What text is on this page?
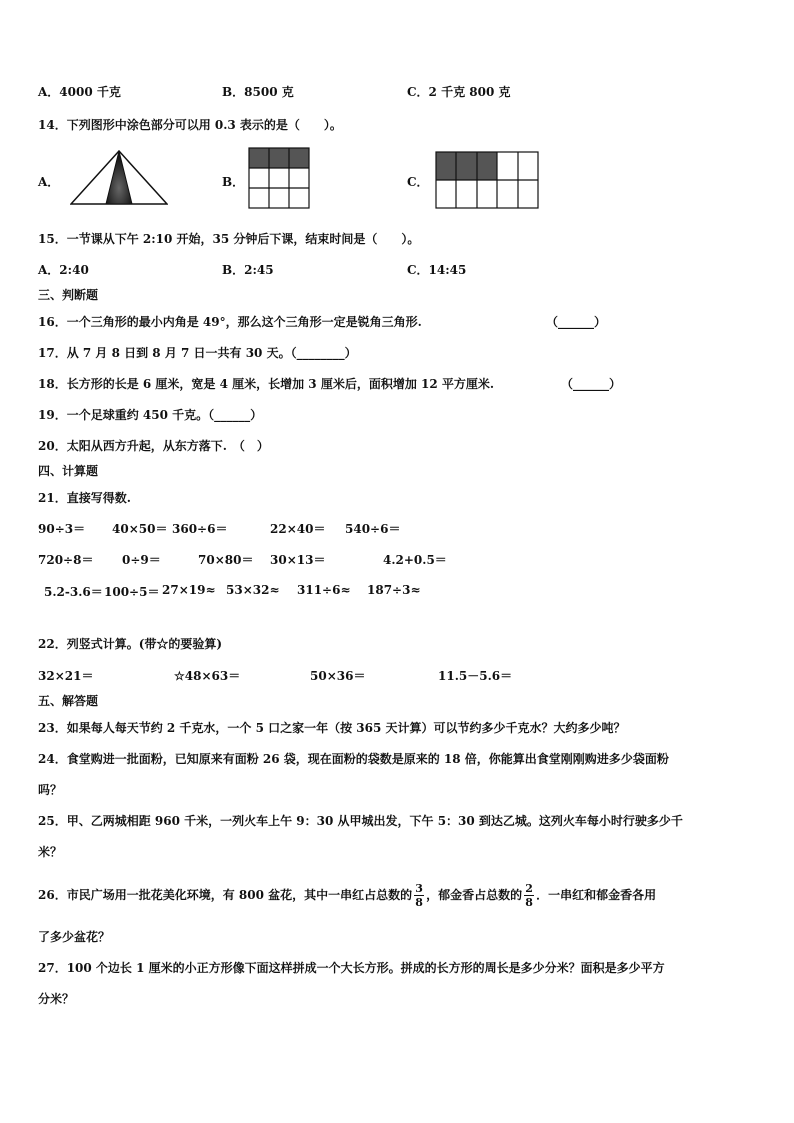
A．4000 千克	B．8500 克	C．2 千克 800 克
14．下列图形中涂色部分可以用 0.3 表示的是（　　）。
A．	B．	C．
15．一节课从下午 2:10 开始，35 分钟后下课，结束时间是（　　）。
A．2:40	B．2:45	C．14:45
三、判断题
16．一个三角形的最小内角是 49°，那么这个三角形一定是锐角三角形.	（______）
17．从 7 月 8 日到 8 月 7 日一共有 30 天。（________）
18．长方形的长是 6 厘米，宽是 4 厘米，长增加 3 厘米后，面积增加 12 平方厘米.	（______）
19．一个足球重约 450 千克。（______）
20．太阳从西方升起，从东方落下.　（　）
四、计算题
21．直接写得数.
90÷3＝ 40×50＝ 360÷6＝	22×40＝ 540÷6＝
720÷8＝ 0÷9＝	70×80＝ 30×13＝	4.2+0.5＝
5.2-3.6＝ 100÷5＝ 27×19≈ 53×32≈ 311÷6≈ 187÷3≈
22．列竖式计算。(带☆的要验算)
32×21＝	☆48×63＝	50×36＝	11.5－5.6＝
五、解答题
23．如果每人每天节约 2 千克水，一个 5 口之家一年（按 365 天计算）可以节约多少千克水？大约多少吨？
24．食堂购进一批面粉，已知原来有面粉 26 袋，现在面粉的袋数是原来的 18 倍，你能算出食堂刚刚购进多少袋面粉
吗？
25．甲、乙两城相距 960 千米，一列火车上午 9：30 从甲城出发，下午 5：30 到达乙城。这列火车每小时行驶多少千
米？
26．市民广场用一批花美化环境，有 800 盆花，其中一串红占总数的 $\frac{3}{8}$ ，郁金香占总数的 $\frac{2}{8}$ ．一串红和郁金香各用
了多少盆花？
27．100 个边长 1 厘米的小正方形像下面这样拼成一个大长方形。拼成的长方形的周长是多少分米？面积是多少平方
分米？
